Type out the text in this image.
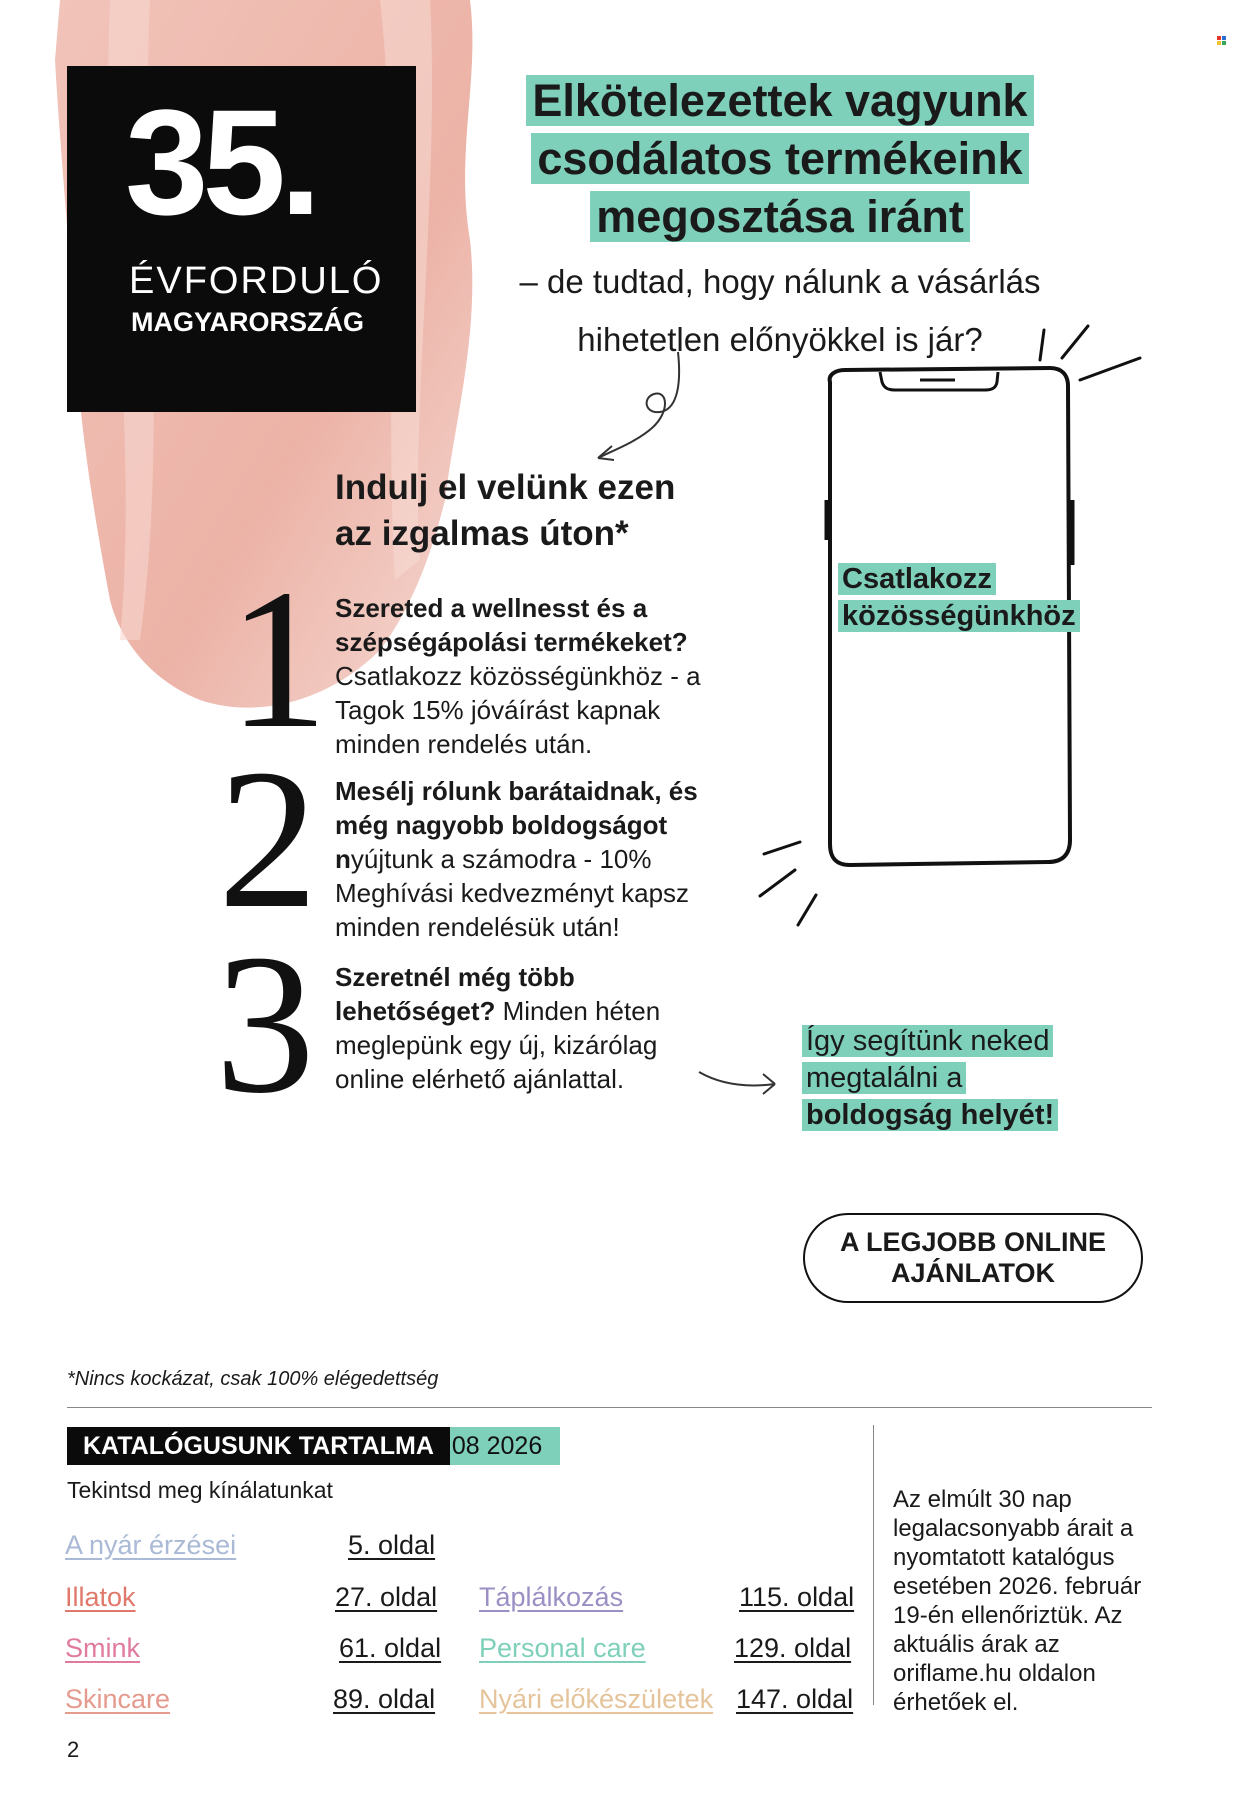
35.
ÉVFORDULÓ
MAGYARORSZÁG
Elkötelezettek vagyunk
csodálatos termékeink
megosztása iránt
– de tudtad, hogy nálunk a vásárlás
hihetetlen előnyökkel is jár?
Indulj el velünk ezen
az izgalmas úton*
1 Szereted a wellnesst és a szépségápolási termékeket? Csatlakozz közösségünkhöz - a Tagok 15% jóváírást kapnak minden rendelés után.
2 Mesélj rólunk barátaidnak, és még nagyobb boldogságot nyújtunk a számodra - 10% Meghívási kedvezményt kapsz minden rendelésük után!
3 Szeretnél még több lehetőséget? Minden héten meglepünk egy új, kizárólag online elérhető ajánlattal.
Csatlakozz
közösségünkhöz
Így segítünk neked
megtalálni a
boldogság helyét!
A LEGJOBB ONLINE
AJÁNLATOK
*Nincs kockázat, csak 100% elégedettség
KATALÓGUSUNK TARTALMA 08 2026
Tekintsd meg kínálatunkat
A nyár érzései	5. oldal
Illatok	27. oldal
Smink	61. oldal
Skincare	89. oldal
Táplálkozás	115. oldal
Personal care	129. oldal
Nyári előkészületek 147. oldal
Az elmúlt 30 nap legalacsonyabb árait a nyomtatott katalógus esetében 2026. február 19-én ellenőriztük. Az aktuális árak az oriflame.hu oldalon érhetőek el.
2
